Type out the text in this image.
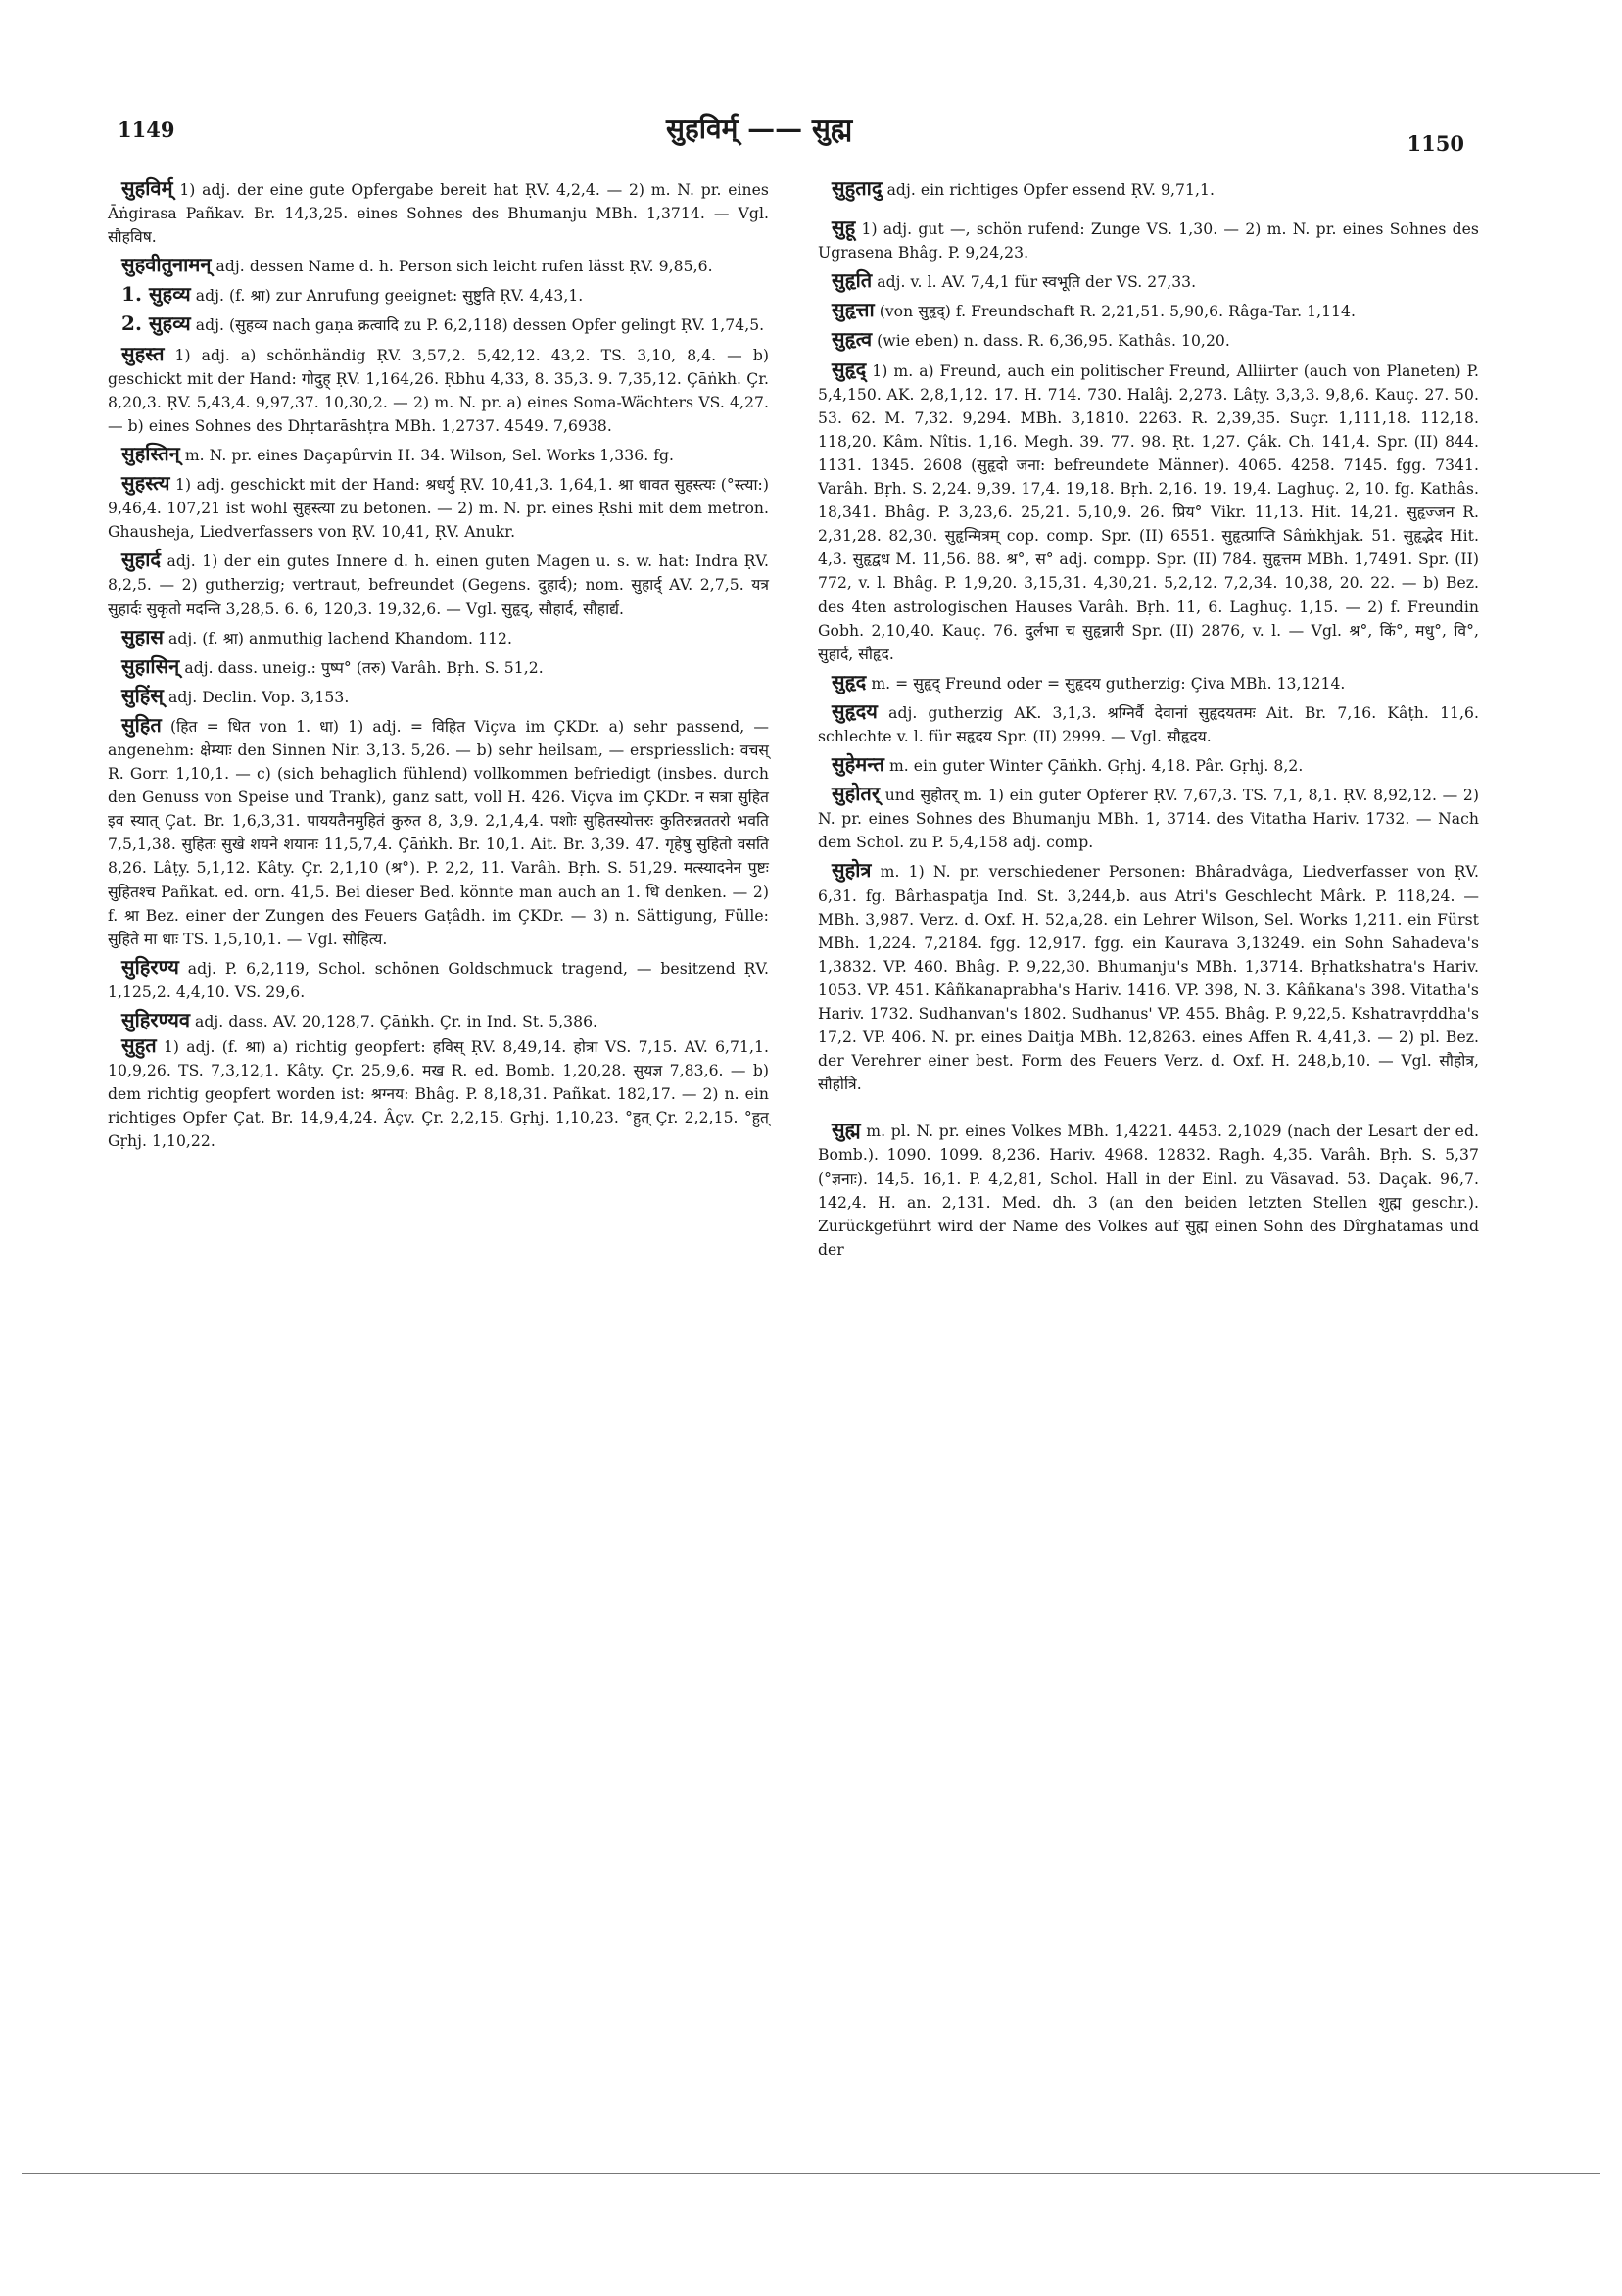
1149	सुहविर्म् —— सुह्म	1150

सुहविर्म् 1) adj. der eine gute Opfergabe bereit hat ṚV. 4,2,4. — 2) m. N. pr. eines Āṅgirasa Pañkav. Br. 14,3,25. eines Sohnes des Bhumanju MBh. 1,3714. — Vgl. सौहविष.

सुहवीतुनामन् adj. dessen Name d. h. Person sich leicht rufen lässt ṚV. 9,85,6.

1. सुहव्य adj. (f. श्रा) zur Anrufung geeignet: सुष्टुति ṚV. 4,43,1.

2. सुहव्य adj. (सुहव्य nach gaṇa क्रत्वादि zu P. 6,2,118) dessen Opfer gelingt ṚV. 1,74,5.

सुहस्त 1) adj. a) schönhändig ṚV. 3,57,2. 5,42,12. 43,2. TS. 3,10, 8,4. — b) geschickt mit der Hand: गोदुह् ṚV. 1,164,26. Ṛbhu 4,33, 8. 35,3. 9. 7,35,12. Çāṅkh. Çr. 8,20,3. ṚV. 5,43,4. 9,97,37. 10,30,2. — 2) m. N. pr. a) eines Soma-Wächters VS. 4,27. — b) eines Sohnes des Dhṛtarāshṭra MBh. 1,2737. 4549. 7,6938.

सुहस्तिन् m. N. pr. eines Daçapûrvin H. 34. Wilson, Sel. Works 1,336. fg.

सुहस्त्य 1) adj. geschickt mit der Hand: श्रधर्यु ṚV. 10,41,3. 1,64,1. श्रा धावत सुहस्त्यः (°स्त्या:) 9,46,4. 107,21 ist wohl सुहस्त्या zu betonen. — 2) m. N. pr. eines Ṛshi mit dem metron. Ghausheja, Liedverfassers von ṚV. 10,41, ṚV. Anukr.

सुहार्द adj. 1) der ein gutes Innere d. h. einen guten Magen u. s. w. hat: Indra ṚV. 8,2,5. — 2) gutherzig; vertraut, befreundet (Gegens. दुहार्द); nom. सुहार्द् AV. 2,7,5. यत्र सुहार्दः सुकृतो मदन्ति 3,28,5. 6. 6, 120,3. 19,32,6. — Vgl. सुहृद्, सौहार्द, सौहार्द्य.

सुहास adj. (f. श्रा) anmuthig lachend Khandom. 112.

सुहासिन् adj. dass. uneig.: पुष्प° (तरु) Varâh. Bṛh. S. 51,2.

सुहिंस् adj. Declin. Vop. 3,153.

सुहित (हित = धित von 1. धा) 1) adj. = विहित Viçva im ÇKDr. a) sehr passend, — angenehm: क्षेम्याः den Sinnen Nir. 3,13. 5,26. — b) sehr heilsam, — erspriesslich: वचस् R. Gorr. 1,10,1. — c) (sich behaglich fühlend) vollkommen befriedigt (insbes. durch den Genuss von Speise und Trank), ganz satt, voll H. 426. Viçva im ÇKDr. न सत्रा सुहित इव स्यात् Çat. Br. 1,6,3,31. पाययतैनमुहितं कुरुत 8, 3,9. 2,1,4,4. पशोः सुहितस्योत्तरः कुतिरुन्नततरो भवति 7,5,1,38. सुहितः सुखे शयने शयानः 11,5,7,4. Çāṅkh. Br. 10,1. Ait. Br. 3,39. 47. गृहेषु सुहितो वसति 8,26. Lâṭy. 5,1,12. Kâty. Çr. 2,1,10 (श्र°). P. 2,2, 11. Varâh. Bṛh. S. 51,29. मत्स्यादनेन पुष्टः सुहितश्च Pañkat. ed. orn. 41,5. Bei dieser Bed. könnte man auch an 1. धि denken. — 2) f. श्रा Bez. einer der Zungen des Feuers Gaṭâdh. im ÇKDr. — 3) n. Sättigung, Fülle: सुहिते मा धाः TS. 1,5,10,1. — Vgl. सौहित्य.

सुहिरण्य adj. P. 6,2,119, Schol. schönen Goldschmuck tragend, — besitzend ṚV. 1,125,2. 4,4,10. VS. 29,6.

सुहिरण्यव adj. dass. AV. 20,128,7. Çāṅkh. Çr. in Ind. St. 5,386.

सुहुत 1) adj. (f. श्रा) a) richtig geopfert: हविस् ṚV. 8,49,14. होत्रा VS. 7,15. AV. 6,71,1. 10,9,26. TS. 7,3,12,1. Kâty. Çr. 25,9,6. मख R. ed. Bomb. 1,20,28. सुयज्ञ 7,83,6. — b) dem richtig geopfert worden ist: श्रग्नय: Bhâg. P. 8,18,31. Pañkat. 182,17. — 2) n. ein richtiges Opfer Çat. Br. 14,9,4,24. Âçv. Çr. 2,2,15. Gṛhj. 1,10,23. °हुत् Çr. 2,2,15. °हुत् Gṛhj. 1,10,22.

सुहुतादु adj. ein richtiges Opfer essend ṚV. 9,71,1.

सुहू 1) adj. gut —, schön rufend: Zunge VS. 1,30. — 2) m. N. pr. eines Sohnes des Ugrasena Bhâg. P. 9,24,23.

सुहृति adj. v. l. AV. 7,4,1 für स्वभूति der VS. 27,33.

सुहृत्ता (von सुहृद्) f. Freundschaft R. 2,21,51. 5,90,6. Râga-Tar. 1,114.

सुहृत्व (wie eben) n. dass. R. 6,36,95. Kathâs. 10,20.

सुहृद् 1) m. a) Freund, auch ein politischer Freund, Alliirter (auch von Planeten) P. 5,4,150. AK. 2,8,1,12. 17. H. 714. 730. Halâj. 2,273. Lâṭy. 3,3,3. 9,8,6. Kauç. 27. 50. 53. 62. M. 7,32. 9,294. MBh. 3,1810. 2263. R. 2,39,35. Suçr. 1,111,18. 112,18. 118,20. Kâm. Nîtis. 1,16. Megh. 39. 77. 98. Ṛt. 1,27. Çâk. Ch. 141,4. Spr. (II) 844. 1131. 1345. 2608 (सुहृदो जना: befreundete Männer). 4065. 4258. 7145. fgg. 7341. Varâh. Bṛh. S. 2,24. 9,39. 17,4. 19,18. Bṛh. 2,16. 19. 19,4. Laghuç. 2, 10. fg. Kathâs. 18,341. Bhâg. P. 3,23,6. 25,21. 5,10,9. 26. प्रिय° Vikr. 11,13. Hit. 14,21. सुहृज्जन R. 2,31,28. 82,30. सुहृन्मित्रम् cop. comp. Spr. (II) 6551. सुहृत्प्राप्ति Sâṁkhjak. 51. सुहृद्भेद Hit. 4,3. सुहृद्वध M. 11,56. 88. श्र°, स° adj. compp. Spr. (II) 784. सुहृत्तम MBh. 1,7491. Spr. (II) 772, v. l. Bhâg. P. 1,9,20. 3,15,31. 4,30,21. 5,2,12. 7,2,34. 10,38, 20. 22. — b) Bez. des 4ten astrologischen Hauses Varâh. Bṛh. 11, 6. Laghuç. 1,15. — 2) f. Freundin Gobh. 2,10,40. Kauç. 76. दुर्लभा च सुहृन्नारी Spr. (II) 2876, v. l. — Vgl. श्र°, किं°, मधु°, वि°, सुहार्द, सौहृद.

सुहृद m. = सुहृद् Freund oder = सुहृदय gutherzig: Çiva MBh. 13,1214.

सुहृदय adj. gutherzig AK. 3,1,3. श्रग्निर्वै देवानां सुहृदयतमः Ait. Br. 7,16. Kâṭh. 11,6. schlechte v. l. für सहृदय Spr. (II) 2999. — Vgl. सौहृदय.

सुहेमन्त m. ein guter Winter Çāṅkh. Gṛhj. 4,18. Pâr. Gṛhj. 8,2.

सुहोतर् und सुहोतर् m. 1) ein guter Opferer ṚV. 7,67,3. TS. 7,1, 8,1. ṚV. 8,92,12. — 2) N. pr. eines Sohnes des Bhumanju MBh. 1, 3714. des Vitatha Hariv. 1732. — Nach dem Schol. zu P. 5,4,158 adj. comp.

सुहोत्र m. 1) N. pr. verschiedener Personen: Bhâradvâga, Liedverfasser von ṚV. 6,31. fg. Bârhaspatja Ind. St. 3,244,b. aus Atri's Geschlecht Mârk. P. 118,24. — MBh. 3,987. Verz. d. Oxf. H. 52,a,28. ein Lehrer Wilson, Sel. Works 1,211. ein Fürst MBh. 1,224. 7,2184. fgg. 12,917. fgg. ein Kaurava 3,13249. ein Sohn Sahadeva's 1,3832. VP. 460. Bhâg. P. 9,22,30. Bhumanju's MBh. 1,3714. Bṛhatkshatra's Hariv. 1053. VP. 451. Kâñkanaprabha's Hariv. 1416. VP. 398, N. 3. Kâñkana's 398. Vitatha's Hariv. 1732. Sudhanvan's 1802. Sudhanus' VP. 455. Bhâg. P. 9,22,5. Kshatravṛddha's 17,2. VP. 406. N. pr. eines Daitja MBh. 12,8263. eines Affen R. 4,41,3. — 2) pl. Bez. der Verehrer einer best. Form des Feuers Verz. d. Oxf. H. 248,b,10. — Vgl. सौहोत्र, सौहोत्रि.

सुह्म m. pl. N. pr. eines Volkes MBh. 1,4221. 4453. 2,1029 (nach der Lesart der ed. Bomb.). 1090. 1099. 8,236. Hariv. 4968. 12832. Ragh. 4,35. Varâh. Bṛh. S. 5,37 (°ज्ञनाः). 14,5. 16,1. P. 4,2,81, Schol. Hall in der Einl. zu Vâsavad. 53. Daçak. 96,7. 142,4. H. an. 2,131. Med. dh. 3 (an den beiden letzten Stellen शुह्म geschr.). Zurückgeführt wird der Name des Volkes auf सुह्म einen Sohn des Dîrghatamas und der
